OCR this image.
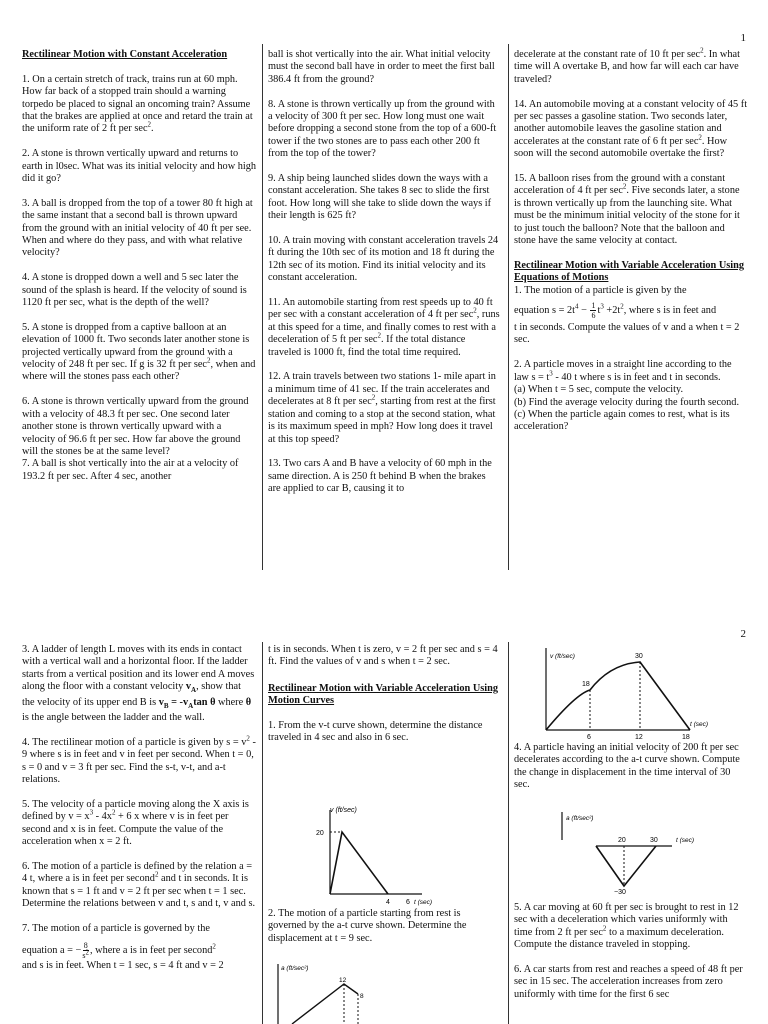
1

Rectilinear Motion with Constant Acceleration

1. On a certain stretch of track, trains run at 60 mph. How far back of a stopped train should a warning torpedo be placed to signal an oncoming train? Assume that the brakes are applied at once and retard the train at the uniform rate of 2 ft per $\sec^2$.

2. A stone is thrown vertically upward and returns to earth in l0sec. What was its initial velocity and how high did it go?

3. A ball is dropped from the top of a tower 80 ft high at the same instant that a second ball is thrown upward from the ground with an initial velocity of 40 ft per see. When and where do they pass, and with what relative velocity?

4. A stone is dropped down a well and 5 sec later the sound of the splash is heard. If the velocity of sound is 1120 ft per sec, what is the depth of the well?

5. A stone is dropped from a captive balloon at an elevation of 1000 ft. Two seconds later another stone is projected vertically upward from the ground with a velocity of 248 ft per sec. If g is 32 ft per $\sec^2$, when and where will the stones pass each other?

6. A stone is thrown vertically upward from the ground with a velocity of 48.3 ft per sec. One second later another stone is thrown vertically upward with a velocity of 96.6 ft per sec. How far above the ground will the stones be at the same level?

7. A ball is shot vertically into the air at a velocity of 193.2 ft per sec. After 4 sec, another

ball is shot vertically into the air. What initial velocity must the second ball have in order to meet the first ball 386.4 ft from the ground?

8. A stone is thrown vertically up from the ground with a velocity of 300 ft per sec. How long must one wait before dropping a second stone from the top of a 600-ft tower if the two stones are to pass each other 200 ft from the top of the tower?

9. A ship being launched slides down the ways with a constant acceleration. She takes 8 sec to slide the first foot. How long will she take to slide down the ways if their length is 625 ft?

10. A train moving with constant acceleration travels 24 ft during the 10th sec of its motion and 18 ft during the 12th sec of its motion. Find its initial velocity and its constant acceleration.

11. An automobile starting from rest speeds up to 40 ft per sec with a constant acceleration of 4 ft per $\sec^2$, runs at this speed for a time, and finally comes to rest with a deceleration of 5 ft per $\sec^2$. If the total distance traveled is 1000 ft, find the total time required.

12. A train travels between two stations 1- mile apart in a minimum time of 41 sec. If the train accelerates and decelerates at 8 ft per $\sec^2$, starting from rest at the first station and coming to a stop at the second station, what is its maximum speed in mph? How long does it travel at this top speed?

13. Two cars A and B have a velocity of 60 mph in the same direction. A is 250 ft behind B when the brakes are applied to car B, causing it to

decelerate at the constant rate of 10 ft per $\sec^2$. In what time will A overtake B, and how far will each car have traveled?

14. An automobile moving at a constant velocity of 45 ft per sec passes a gasoline station. Two seconds later, another automobile leaves the gasoline station and accelerates at the constant rate of 6 ft per $\sec^2$. How soon will the second automobile overtake the first?

15. A balloon rises from the ground with a constant acceleration of 4 ft per $\sec^2$. Five seconds later, a stone is thrown vertically up from the launching site. What must be the minimum initial velocity of the stone for it to just touch the balloon? Note that the balloon and stone have the same velocity at contact.

Rectilinear Motion with Variable Acceleration Using Equations of Motions

1. The motion of a particle is given by the

equation $s = 2t^4 - \frac{1}{6} t^3 +2t^2$, where s is in feet and

t in seconds. Compute the values of v and a when t = 2 sec.

2. A particle moves in a straight line according to the law $s = t^3 - 40$ t where s is in feet and t in seconds.

(a) When t = 5 sec, compute the velocity.

(b) Find the average velocity during the fourth second.

(c) When the particle again comes to rest, what is its acceleration?

2

3. A ladder of length L moves with its ends in contact with a vertical wall and a horizontal floor. If the ladder starts from a vertical position and its lower end A moves along the floor with a constant velocity $v_A$, show that the velocity of its upper end B is $v_B = -v_A\tan$ θ where θ is the angle between the ladder and the wall.

4. The rectilinear motion of a particle is given by $s = v^2 - 9$ where s is in feet and v in feet per second. When t = 0, s = 0 and v = 3 ft per sec. Find the s-t, v-t, and a-t relations.

5. The velocity of a particle moving along the X axis is defined by $v = x^3 - 4x^2 + 6$ x where v is in feet per second and x is in feet. Compute the value of the acceleration when x = 2 ft.

6. The motion of a particle is defined by the relation a = 4 t, where a is in feet per second$^2$ and t in seconds. It is known that s = 1 ft and v = 2 ft per sec when t = 1 sec. Determine the relations between v and t, s and t, v and s.

7. The motion of a particle is governed by the

equation a = − $\frac{8}{s^2}$ , where a is in feet per second$^2$

and s is in feet. When t = 1 sec, s = 4 ft and v = 2

t is in seconds. When t is zero, v = 2 ft per sec and s = 4 ft. Find the values of v and s when t = 2 sec.

Rectilinear Motion with Variable Acceleration Using Motion Curves

1. From the v-t curve shown, determine the distance traveled in 4 sec and also in 6 sec.

v (ft/sec)
20
4 6 t (sec)

2. The motion of a particle starting from rest is governed by the a-t curve shown. Determine the displacement at t = 9 sec.

a (ft/sec²)
12
8
v (ft/sec)	30
18
6	12	18
t (sec)

4. A particle having an initial velocity of 200 ft per sec decelerates according to the a-t curve shown. Compute the change in displacement in the time interval of 30 sec.

a (ft/sec²)
20	30	t (sec)
−30

5. A car moving at 60 ft per sec is brought to rest in 12 sec with a deceleration which varies uniformly with time from 2 ft per $\sec^2$ to a maximum deceleration. Compute the distance traveled in stopping.

6. A car starts from rest and reaches a speed of 48 ft per sec in 15 sec. The acceleration increases from zero uniformly with time for the first 6 sec
